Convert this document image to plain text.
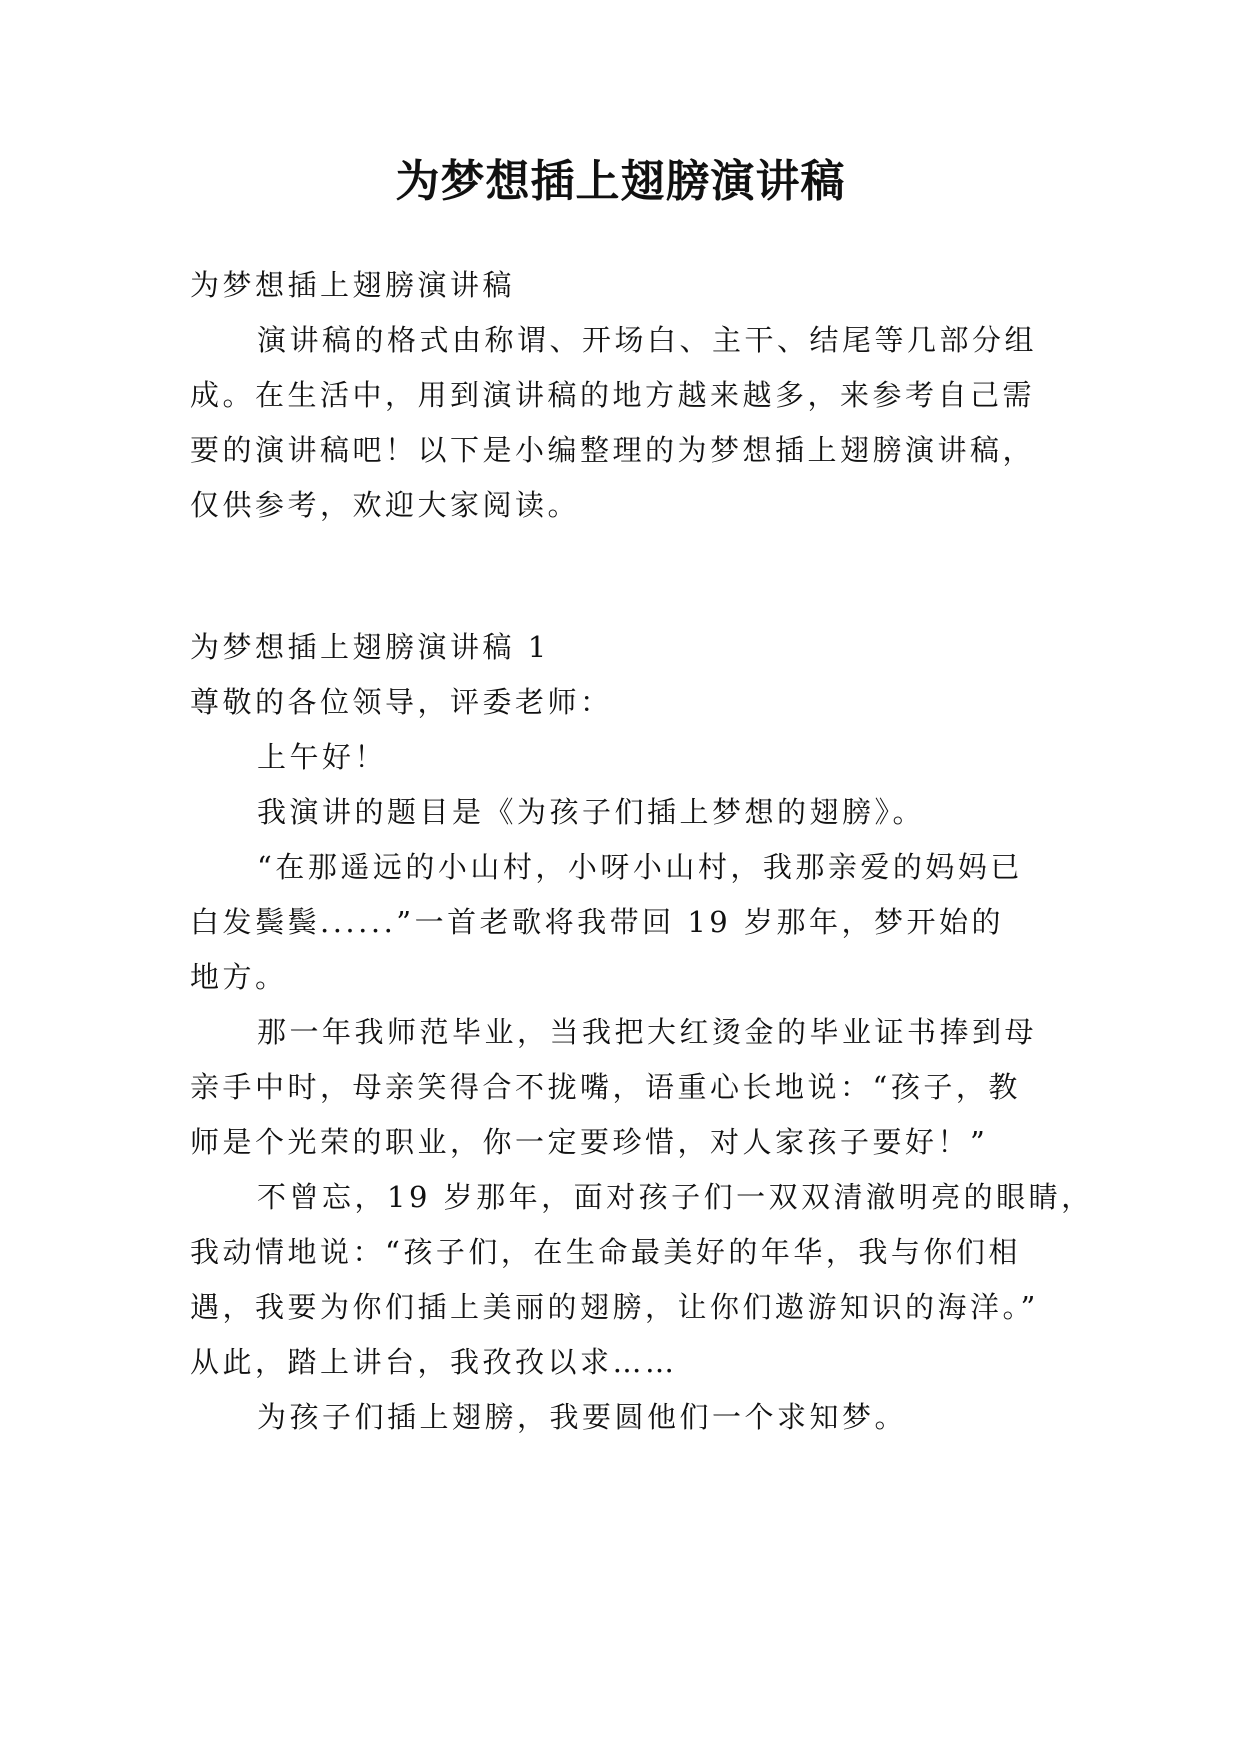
为梦想插上翅膀演讲稿
为梦想插上翅膀演讲稿
演讲稿的格式由称谓、开场白、主干、结尾等几部分组
成。在生活中，用到演讲稿的地方越来越多，来参考自己需
要的演讲稿吧！以下是小编整理的为梦想插上翅膀演讲稿，
仅供参考，欢迎大家阅读。
为梦想插上翅膀演讲稿 1
尊敬的各位领导，评委老师：
上午好！
我演讲的题目是《为孩子们插上梦想的翅膀》。
“在那遥远的小山村，小呀小山村，我那亲爱的妈妈已
白发鬓鬓......”一首老歌将我带回 19 岁那年，梦开始的
地方。
那一年我师范毕业，当我把大红烫金的毕业证书捧到母
亲手中时，母亲笑得合不拢嘴，语重心长地说：“孩子，教
师是个光荣的职业，你一定要珍惜，对人家孩子要好！”
不曾忘，19 岁那年，面对孩子们一双双清澈明亮的眼睛，
我动情地说：“孩子们，在生命最美好的年华，我与你们相
遇，我要为你们插上美丽的翅膀，让你们遨游知识的海洋。”
从此，踏上讲台，我孜孜以求……
为孩子们插上翅膀，我要圆他们一个求知梦。
